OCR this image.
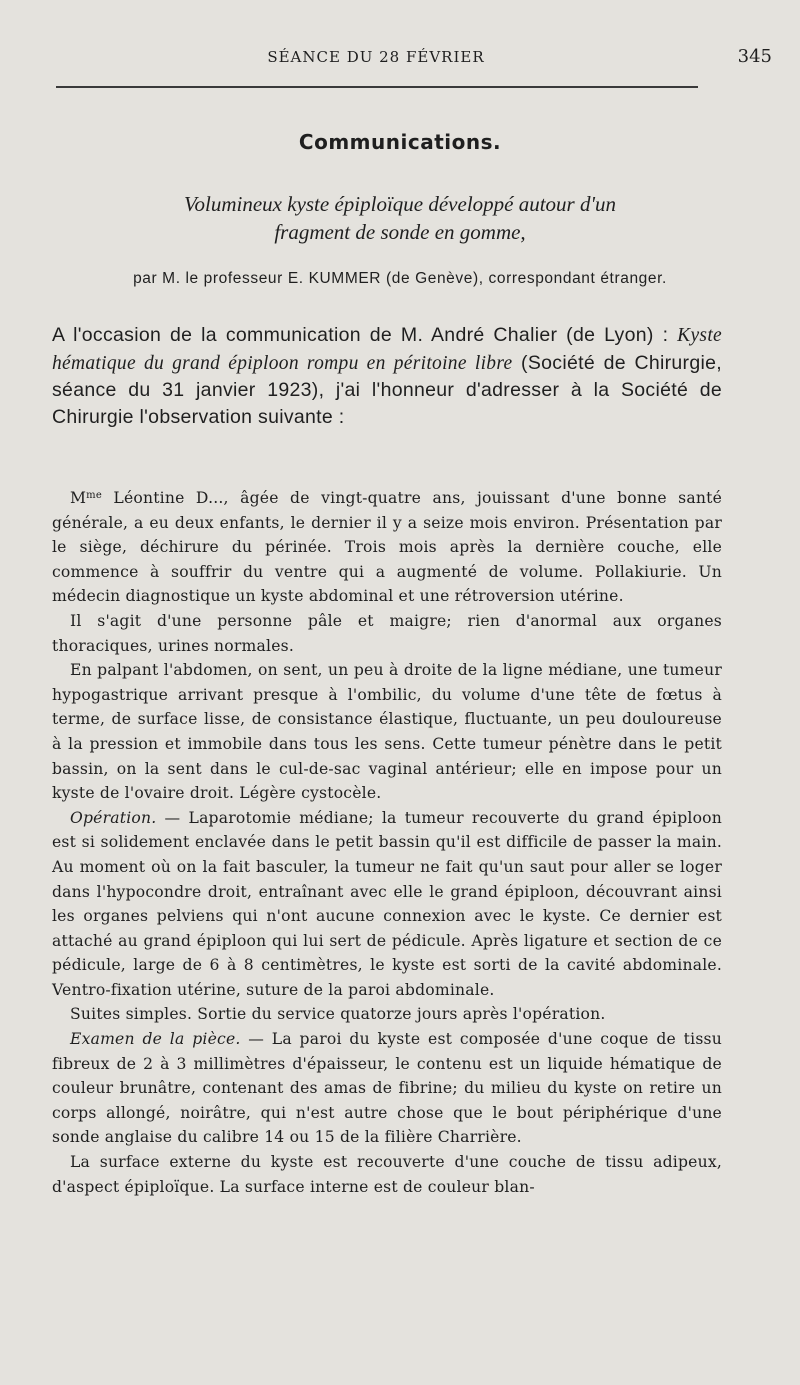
SÉANCE DU 28 FÉVRIER	345
Communications.
Volumineux kyste épiploïque développé autour d'un
fragment de sonde en gomme,
par M. le professeur E. KUMMER (de Genève), correspondant étranger.
A l'occasion de la communication de M. André Chalier (de Lyon) : Kyste hématique du grand épiploon rompu en péritoine libre (Société de Chirurgie, séance du 31 janvier 1923), j'ai l'honneur d'adresser à la Société de Chirurgie l'observation suivante :

$M^{me}$ Léontine D..., âgée de vingt-quatre ans, jouissant d'une bonne santé générale, a eu deux enfants, le dernier il y a seize mois environ. Présentation par le siège, déchirure du périnée. Trois mois après la dernière couche, elle commence à souffrir du ventre qui a augmenté de volume. Pollakiurie. Un médecin diagnostique un kyste abdominal et une rétroversion utérine.

Il s'agit d'une personne pâle et maigre; rien d'anormal aux organes thoraciques, urines normales.

En palpant l'abdomen, on sent, un peu à droite de la ligne médiane, une tumeur hypogastrique arrivant presque à l'ombilic, du volume d'une tête de fœtus à terme, de surface lisse, de consistance élastique, fluctuante, un peu douloureuse à la pression et immobile dans tous les sens. Cette tumeur pénètre dans le petit bassin, on la sent dans le cul-de-sac vaginal antérieur; elle en impose pour un kyste de l'ovaire droit. Légère cystocèle.

Opération. — Laparotomie médiane; la tumeur recouverte du grand épiploon est si solidement enclavée dans le petit bassin qu'il est difficile de passer la main. Au moment où on la fait basculer, la tumeur ne fait qu'un saut pour aller se loger dans l'hypocondre droit, entraînant avec elle le grand épiploon, découvrant ainsi les organes pelviens qui n'ont aucune connexion avec le kyste. Ce dernier est attaché au grand épiploon qui lui sert de pédicule. Après ligature et section de ce pédicule, large de 6 à 8 centimètres, le kyste est sorti de la cavité abdominale. Ventro-fixation utérine, suture de la paroi abdominale.

Suites simples. Sortie du service quatorze jours après l'opération.

Examen de la pièce. — La paroi du kyste est composée d'une coque de tissu fibreux de 2 à 3 millimètres d'épaisseur, le contenu est un liquide hématique de couleur brunâtre, contenant des amas de fibrine; du milieu du kyste on retire un corps allongé, noirâtre, qui n'est autre chose que le bout périphérique d'une sonde anglaise du calibre 14 ou 15 de la filière Charrière.

La surface externe du kyste est recouverte d'une couche de tissu adipeux, d'aspect épiploïque. La surface interne est de couleur blan-
